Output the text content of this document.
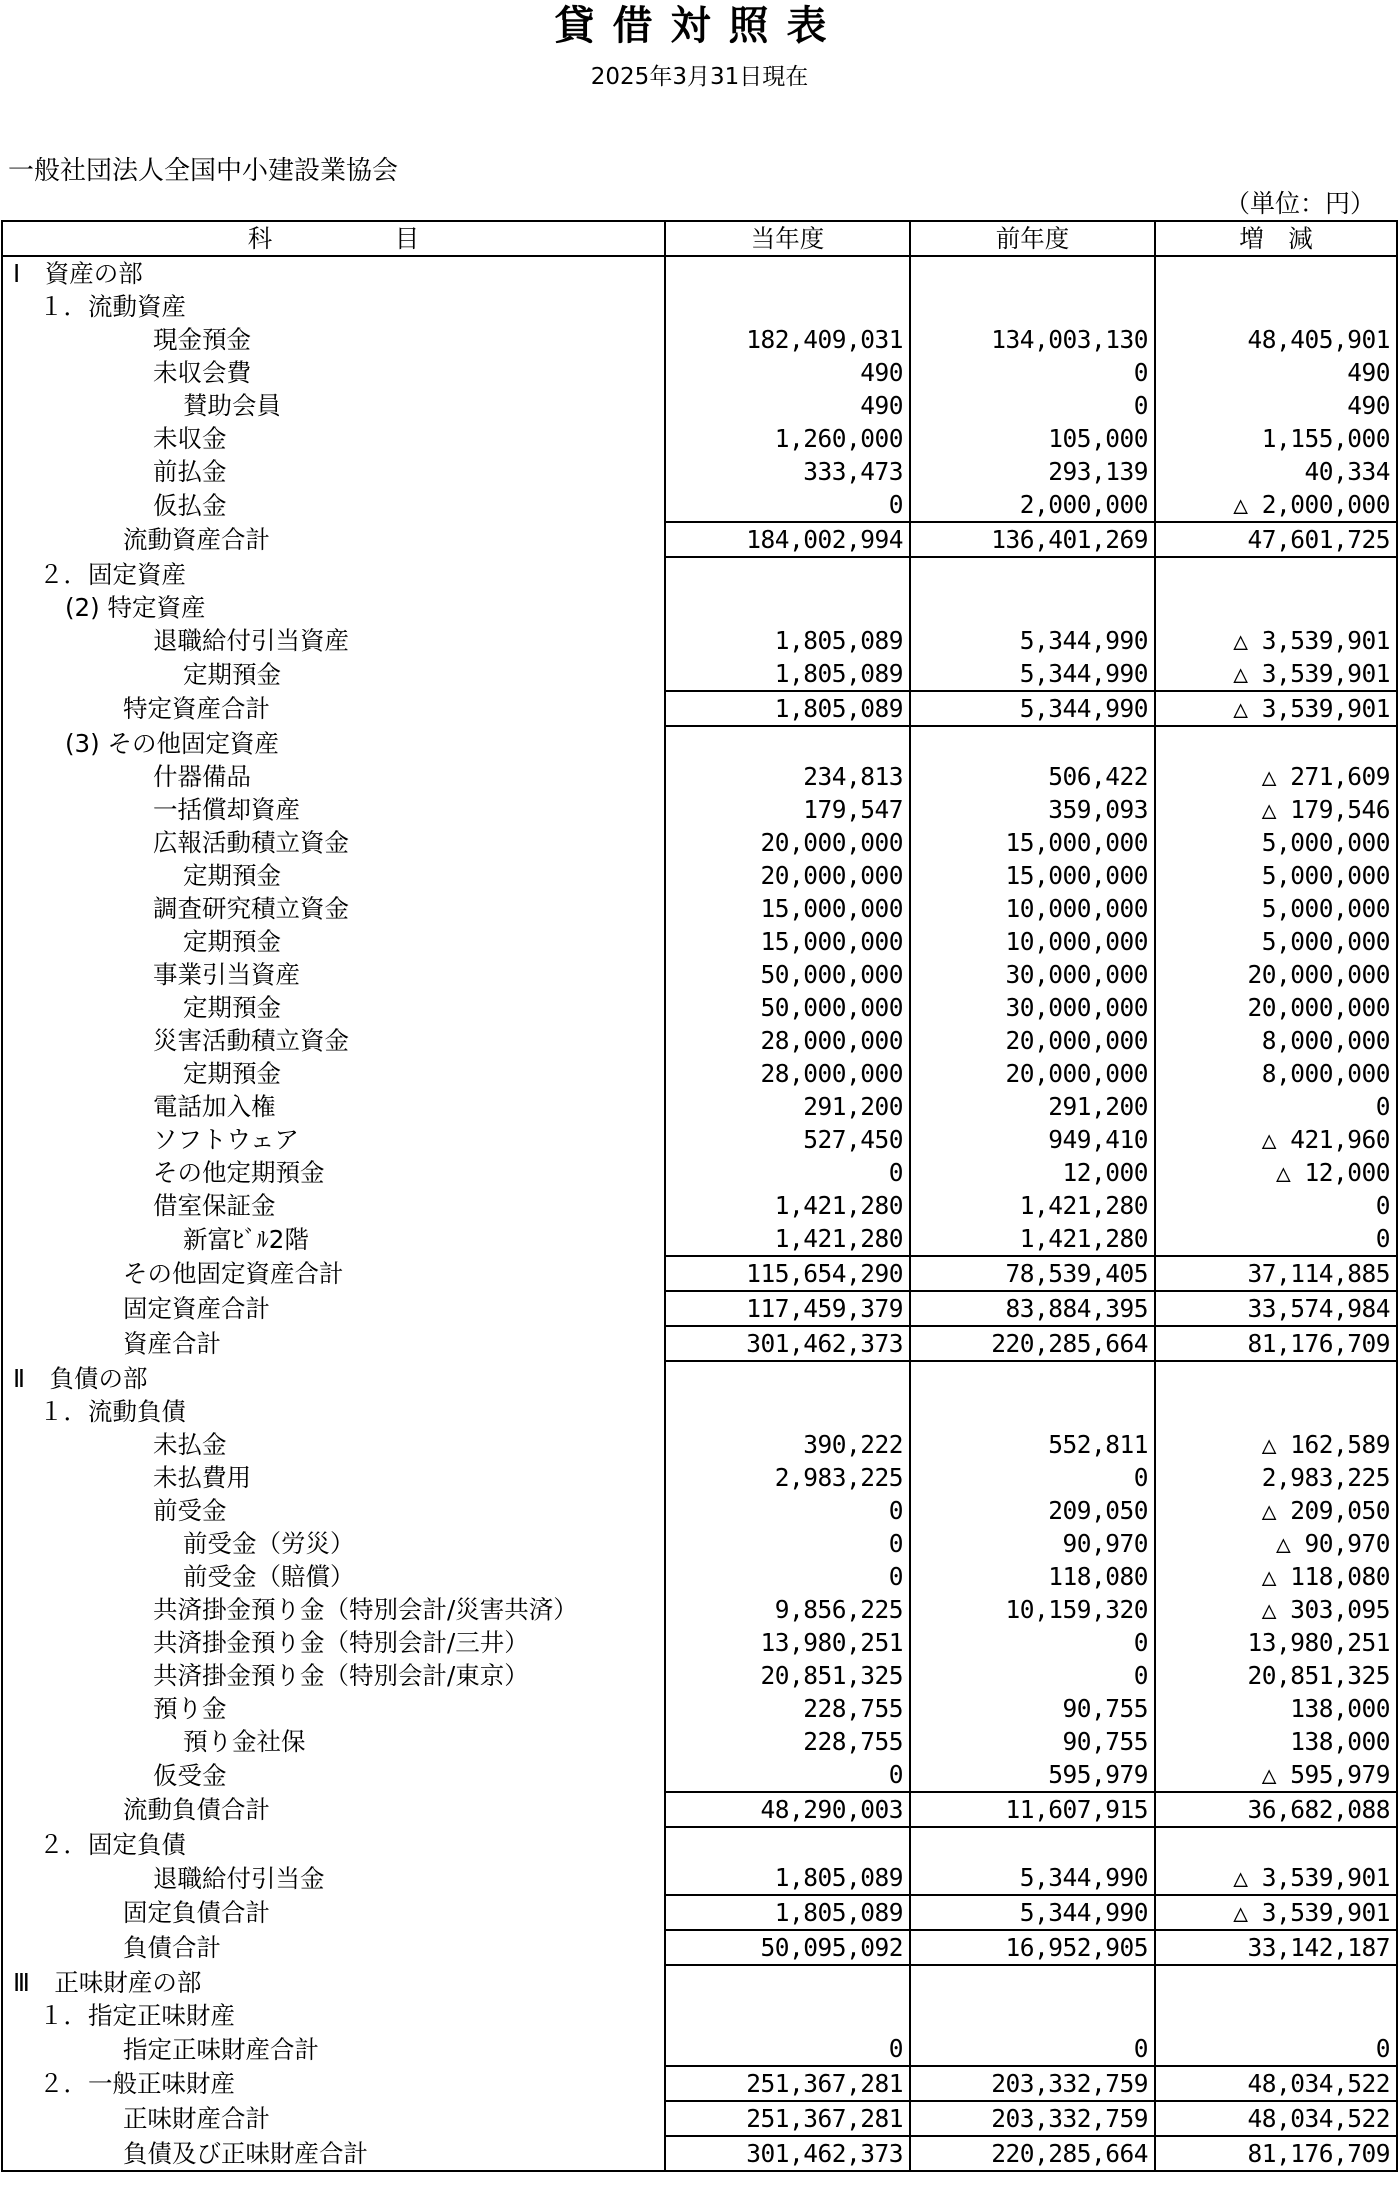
貸借対照表
2025年3月31日現在
一般社団法人全国中小建設業協会
（単位：円）
科　　　　　目	当年度	前年度	増　減
Ⅰ　資産の部			
１．流動資産			
現金預金	182,409,031	134,003,130	48,405,901
未収会費	490	0	490
賛助会員	490	0	490
未収金	1,260,000	105,000	1,155,000
前払金	333,473	293,139	40,334
仮払金	0	2,000,000	△ 2,000,000
流動資産合計	184,002,994	136,401,269	47,601,725
２．固定資産			
(2) 特定資産			
退職給付引当資産	1,805,089	5,344,990	△ 3,539,901
定期預金	1,805,089	5,344,990	△ 3,539,901
特定資産合計	1,805,089	5,344,990	△ 3,539,901
(3) その他固定資産			
什器備品	234,813	506,422	△ 271,609
一括償却資産	179,547	359,093	△ 179,546
広報活動積立資金	20,000,000	15,000,000	5,000,000
定期預金	20,000,000	15,000,000	5,000,000
調査研究積立資金	15,000,000	10,000,000	5,000,000
定期預金	15,000,000	10,000,000	5,000,000
事業引当資産	50,000,000	30,000,000	20,000,000
定期預金	50,000,000	30,000,000	20,000,000
災害活動積立資金	28,000,000	20,000,000	8,000,000
定期預金	28,000,000	20,000,000	8,000,000
電話加入権	291,200	291,200	0
ソフトウェア	527,450	949,410	△ 421,960
その他定期預金	0	12,000	△ 12,000
借室保証金	1,421,280	1,421,280	0
新富ﾋﾞﾙ2階	1,421,280	1,421,280	0
その他固定資産合計	115,654,290	78,539,405	37,114,885
固定資産合計	117,459,379	83,884,395	33,574,984
資産合計	301,462,373	220,285,664	81,176,709
Ⅱ　負債の部			
１．流動負債			
未払金	390,222	552,811	△ 162,589
未払費用	2,983,225	0	2,983,225
前受金	0	209,050	△ 209,050
前受金（労災）	0	90,970	△ 90,970
前受金（賠償）	0	118,080	△ 118,080
共済掛金預り金（特別会計/災害共済）	9,856,225	10,159,320	△ 303,095
共済掛金預り金（特別会計/三井）	13,980,251	0	13,980,251
共済掛金預り金（特別会計/東京）	20,851,325	0	20,851,325
預り金	228,755	90,755	138,000
預り金社保	228,755	90,755	138,000
仮受金	0	595,979	△ 595,979
流動負債合計	48,290,003	11,607,915	36,682,088
２．固定負債			
退職給付引当金	1,805,089	5,344,990	△ 3,539,901
固定負債合計	1,805,089	5,344,990	△ 3,539,901
負債合計	50,095,092	16,952,905	33,142,187
Ⅲ　正味財産の部			
１．指定正味財産			
指定正味財産合計	0	0	0
２．一般正味財産	251,367,281	203,332,759	48,034,522
正味財産合計	251,367,281	203,332,759	48,034,522
負債及び正味財産合計	301,462,373	220,285,664	81,176,709
